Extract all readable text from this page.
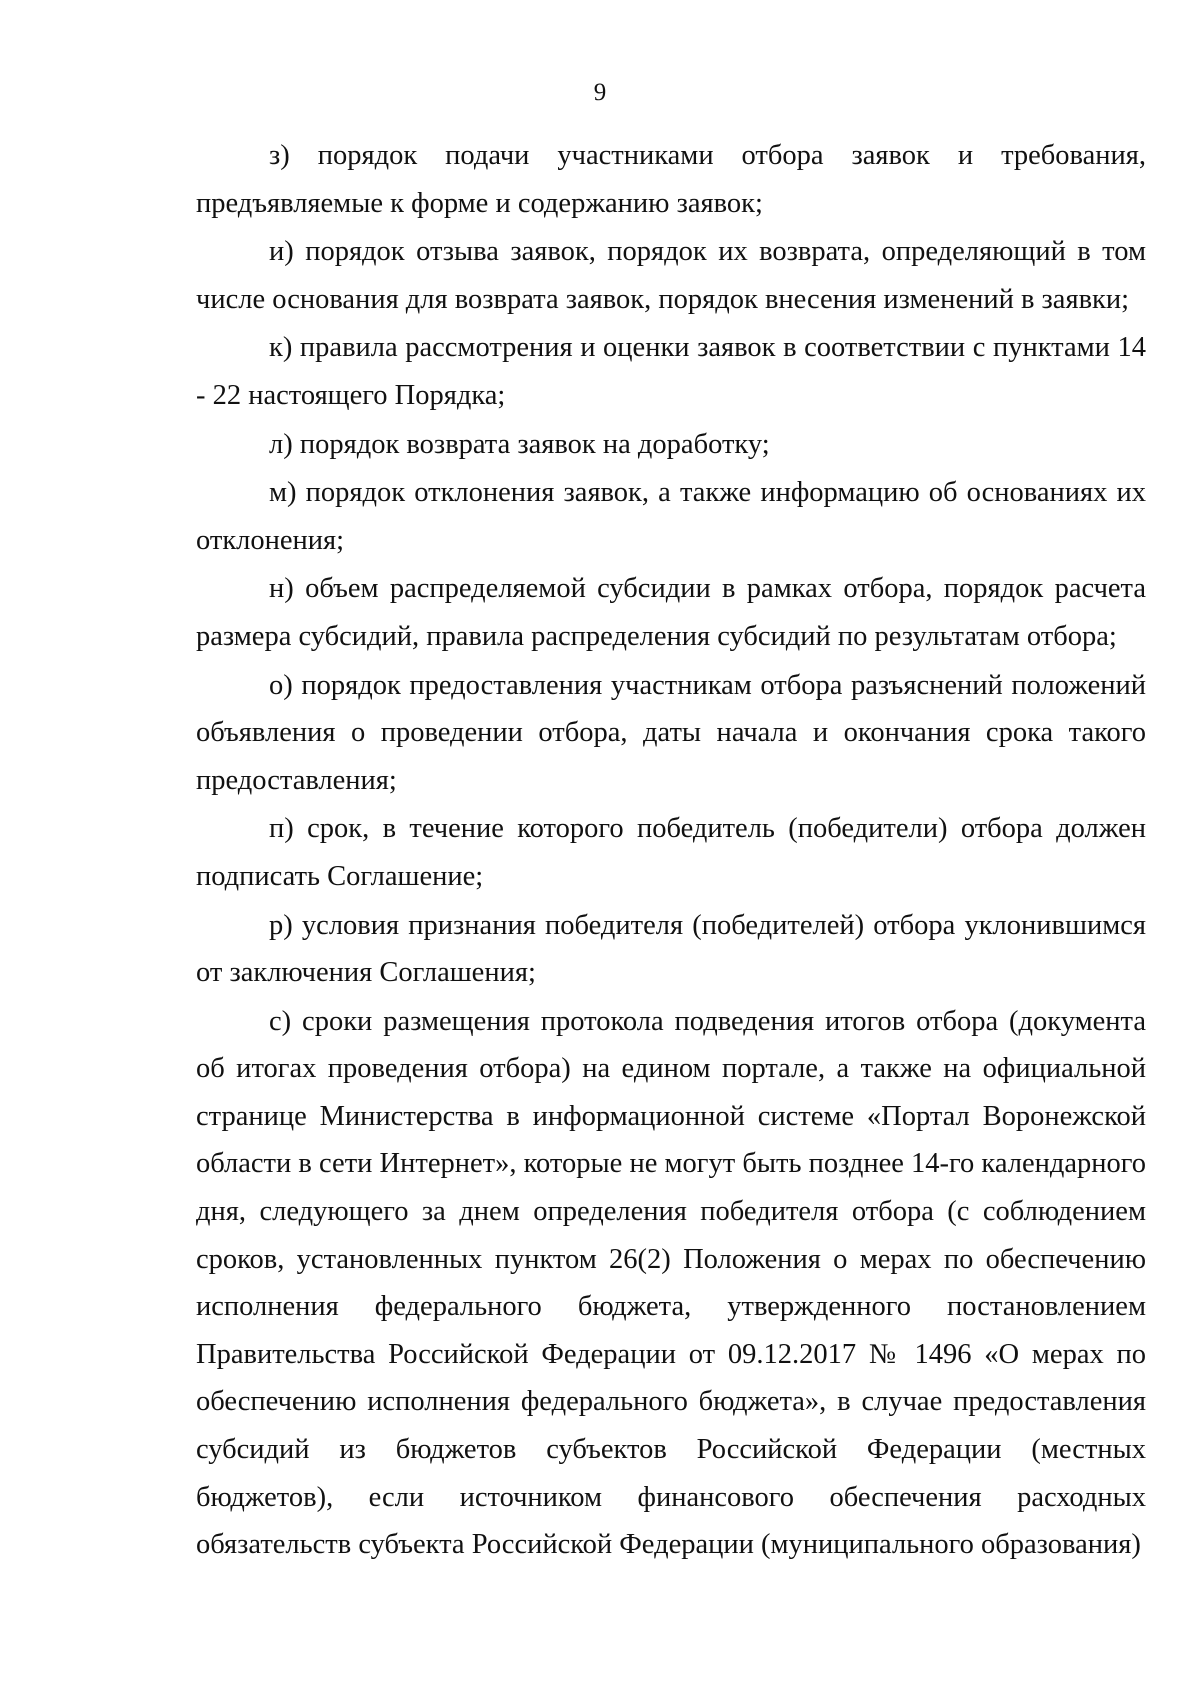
9

з) порядок подачи участниками отбора заявок и требования, предъявляемые к форме и содержанию заявок;

и) порядок отзыва заявок, порядок их возврата, определяющий в том числе основания для возврата заявок, порядок внесения изменений в заявки;

к) правила рассмотрения и оценки заявок в соответствии с пунктами 14 - 22 настоящего Порядка;

л) порядок возврата заявок на доработку;

м) порядок отклонения заявок, а также информацию об основаниях их отклонения;

н) объем распределяемой субсидии в рамках отбора, порядок расчета размера субсидий, правила распределения субсидий по результатам отбора;

о) порядок предоставления участникам отбора разъяснений положений объявления о проведении отбора, даты начала и окончания срока такого предоставления;

п) срок, в течение которого победитель (победители) отбора должен подписать Соглашение;

р) условия признания победителя (победителей) отбора уклонившимся от заключения Соглашения;

с) сроки размещения протокола подведения итогов отбора (документа об итогах проведения отбора) на едином портале, а также на официальной странице Министерства в информационной системе «Портал Воронежской области в сети Интернет», которые не могут быть позднее 14-го календарного дня, следующего за днем определения победителя отбора (с соблюдением сроков, установленных пунктом 26(2) Положения о мерах по обеспечению исполнения федерального бюджета, утвержденного постановлением Правительства Российской Федерации от 09.12.2017 № 1496 «О мерах по обеспечению исполнения федерального бюджета», в случае предоставления субсидий из бюджетов субъектов Российской Федерации (местных бюджетов), если источником финансового обеспечения расходных обязательств субъекта Российской Федерации (муниципального образования)
